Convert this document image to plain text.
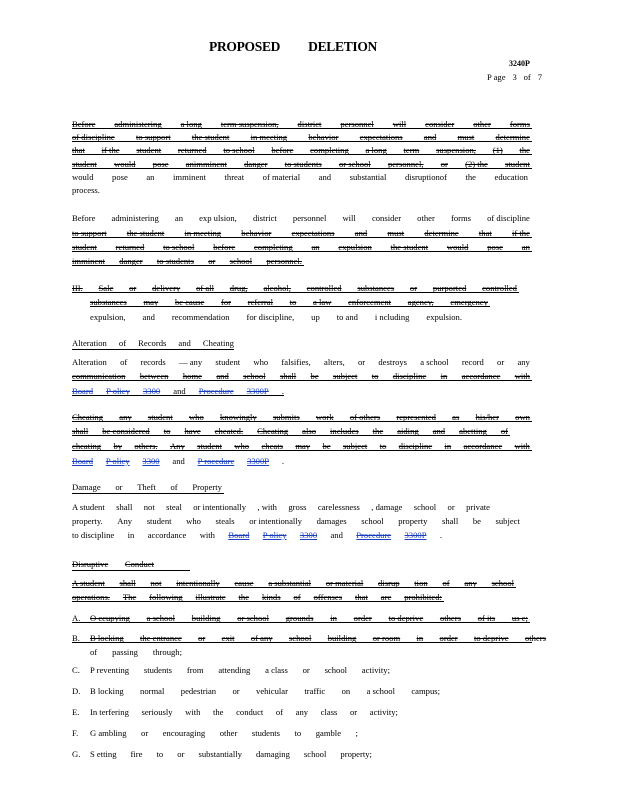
PROPOSED DELETION
3240P
P age 3 of 7
Before administering a long term suspension, district personnel will consider other forms
of discipline to support the student in meeting behavior expectations and must determine
that if the student returned to school before completing a long term suspension, (1) the
student would pose animminent danger to students or school personnel, or (2) the student
would pose an imminent threat of material and substantial disruptionof the education
process.
Before administering an exp ulsion, district personnel will consider other forms of discipline
to support the student in meeting behavior expectations and must determine that if the
student returned to school before completing an expulsion the student would pose an
imminent danger to students or school personnel.
III. Sale or delivery of all drug, alcohol, controlled substances or purported controlled
substances may be cause for referral to a law enforcement agency, emergency
expulsion, and recommendation for discipline, up to and i ncluding expulsion.
Alteration of Records and Cheating
Alteration of records — any student who falsifies, alters, or destroys a school record or any
communication between home and school shall be subject to discipline in accordance with
Board P olicy 3300 and Procedure 3300P .
Cheating any student who knowingly submits work of others represented as his/her own
shall be considered to have cheated. Cheating also includes the aiding and abetting of
cheating by others. Any student who cheats may be subject to discipline in accordance with
Board P olicy 3300 and P rocedure 3300P .
Damage or Theft of Property
A student shall not steal or intentionally , with gross carelessness , damage school or private
property. Any student who steals or intentionally damages school property shall be subject
to discipline in accordance with Board P olicy 3300 and Procedure 3300P .
Disruptive Conduct
A student shall not intentionally cause a substantial or material disrup tion of any school
operations. The following illustrate the kinds of offenses that are prohibited:
A. O ccupying a school building or school grounds in order to deprive others of its us e;
B. B locking the entrance or exit of any school building or room in order to deprive others
of passing through;
C. P reventing students from attending a class or school activity;
D. B locking normal pedestrian or vehicular traffic on a school campus;
E. In terfering seriously with the conduct of any class or activity;
F. G ambling or encouraging other students to gamble ;
G. S etting fire to or substantially damaging school property;
